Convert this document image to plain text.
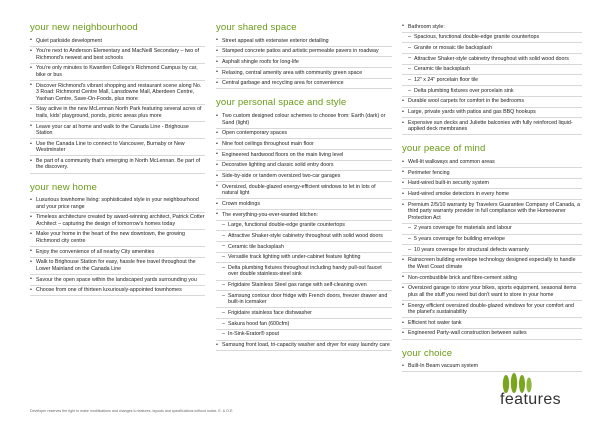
your new neighbourhood
• Quiet parkside development
• You're next to Anderson Elementary and MacNeill Secondary – two of Richmond's newest and best schools
• You're only minutes to Kwantlen College's Richmond Campus by car, bike or bus
• Discover Richmond's vibrant shopping and restaurant scene along No. 3 Road: Richmond Centre Mall, Lansdowne Mall, Aberdeen Centre, Yaohan Centre, Save-On-Foods, plus more
• Stay active in the new McLennan North Park featuring several acres of trails, kids' playground, ponds, picnic areas plus more
• Leave your car at home and walk to the Canada Line - Brighouse Station
• Use the Canada Line to connect to Vancouver, Burnaby or New Westminster
• Be part of a community that's emerging in North McLennan. Be part of the discovery.
your new home
• Luxurious townhome living: sophisticated style in your neighbourhood and your price range
• Timeless architecture created by award-winning architect, Patrick Cotter Architect – capturing the design of tomorrow's homes today
• Make your home in the heart of the new downtown, the growing Richmond city centre
• Enjoy the convenience of all nearby City amenities
• Walk to Brighouse Station for easy, hassle free travel throughout the Lower Mainland on the Canada Line
• Savour the open space within the landscaped yards surrounding you
• Choose from one of thirteen luxuriously-appointed townhomes
your shared space
• Street appeal with extensive exterior detailing
• Stamped concrete patios and artistic permeable pavers in roadway
• Asphalt shingle roofs for long-life
• Relaxing, central amenity area with community green space
• Central garbage and recycling area for convenience
your personal space and style
• Two custom designed colour schemes to choose from: Earth (dark) or Sand (light)
• Open contemporary spaces
• Nine foot ceilings throughout main floor
• Engineered hardwood floors on the main living level
• Decorative lighting and classic solid entry doors
• Side-by-side or tandem oversized two-car garages
• Oversized, double-glazed energy-efficient windows to let in lots of natural light
• Crown moldings
• The everything-you-ever-wanted kitchen:
– Large, functional double-edge granite countertops
– Attractive Shaker-style cabinetry throughout with solid wood doors
– Ceramic tile backsplash
– Versatile track lighting with under-cabinet feature lighting
– Delta plumbing fixtures throughout including handy pull-out faucet over double stainless-steel sink
– Frigidaire Stainless Steel gas range with self-cleaning oven
– Samsung contour door fridge with French doors, freezer drawer and built-in icemaker
– Frigidaire stainless face dishwasher
– Sakura hood fan (600cfm)
– In-Sink-Erator® spout
• Samsung front load, tri-capacity washer and dryer for easy laundry care
• Bathroom style:
– Spacious, functional double-edge granite countertops
– Granite or mosaic tile backsplash
– Attractive Shaker-style cabinetry throughout with solid wood doors
– Ceramic tile backsplash
– 12" x 24" porcelain floor tile
– Delta plumbing fixtures over porcelain sink
• Durable wool carpets for comfort in the bedrooms
• Large, private yards with patios and gas BBQ hookups
• Expensive sun decks and Juliette balconies with fully reinforced liquid-applied deck membranes
your peace of mind
• Well-lit walkways and common areas
• Perimeter fencing
• Hard-wired built-in security system
• Hard-wired smoke detectors in every home
• Premium 2/5/10 warranty by Travelers Guarantee Company of Canada, a third party warranty provider in full compliance with the Homeowner Protection Act
– 2 years coverage for materials and labour
– 5 years coverage for building envelope
– 10 years coverage for structural defects warranty
• Rainscreen building envelope technology designed especially to handle the West Coast climate
• Non-combustible brick and fibre-cement siding
• Oversized garage to store your bikes, sports equipment, seasonal items plus all the stuff you need but don't want to store in your home
• Energy efficient oversized double-glazed windows for your comfort and the planet's sustainability
• Efficient hot water tank
• Engineered Party-wall construction between suites
your choice
• Built-In Beam vacuum system
Developer reserves the right to make modifications and changes to features, layouts and specifications without notice. E. & O.E.
features
